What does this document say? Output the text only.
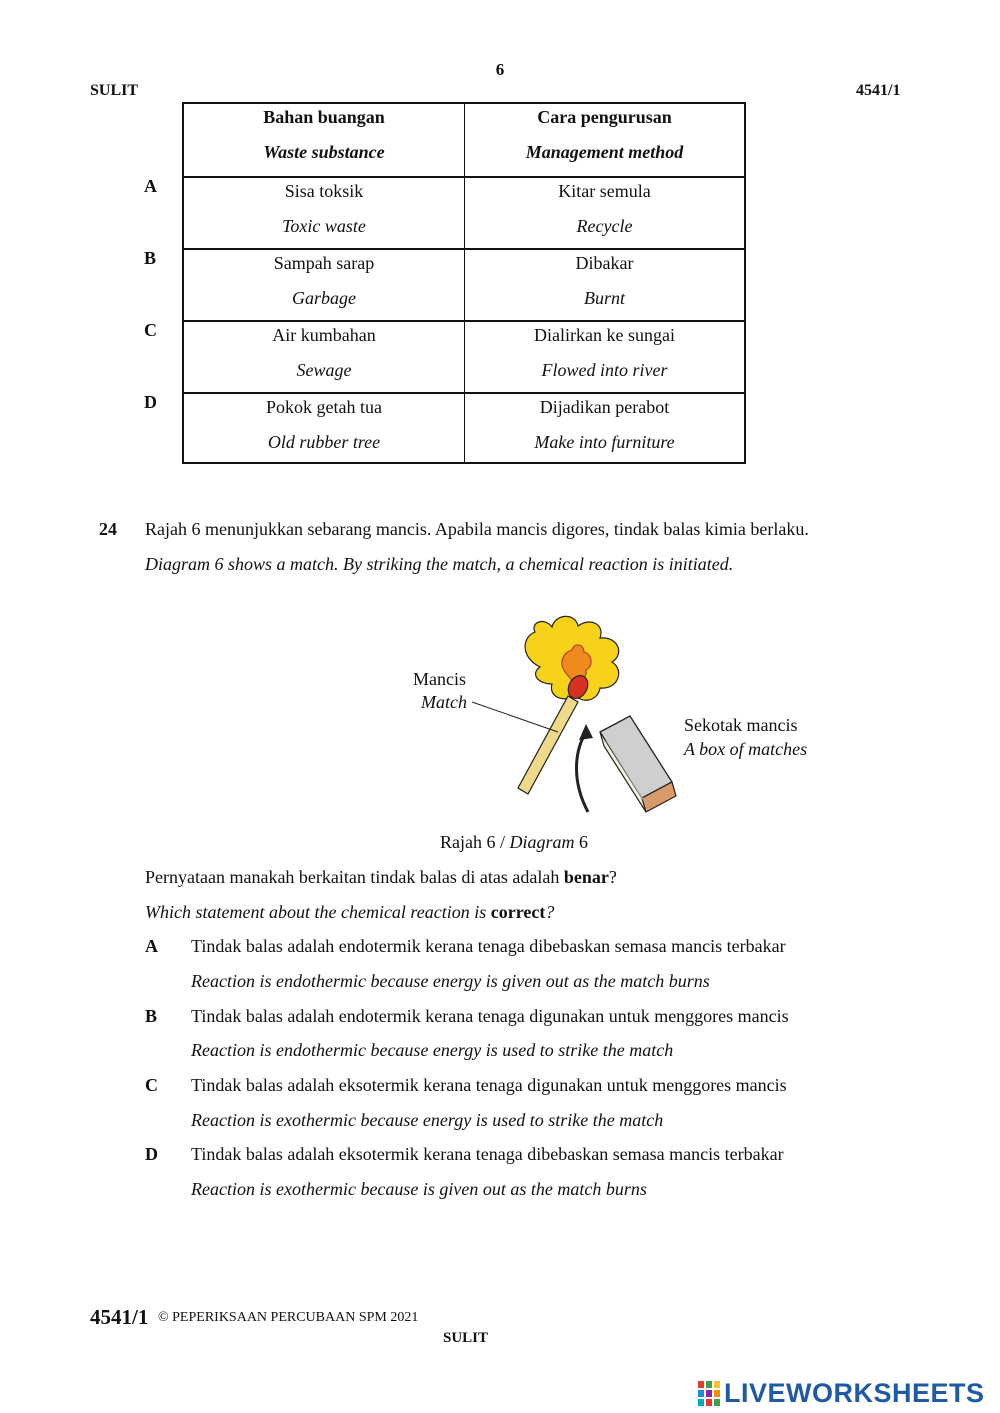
6
SULIT	4541/1
A
B
C
D
Bahan buangan
Waste substance
Cara pengurusan
Management method
Sisa toksik
Toxic waste
Kitar semula
Recycle
Sampah sarap
Garbage
Dibakar
Burnt
Air kumbahan
Sewage
Dialirkan ke sungai
Flowed into river
Pokok getah tua
Old rubber tree
Dijadikan perabot
Make into furniture
24 Rajah 6 menunjukkan sebarang mancis. Apabila mancis digores, tindak balas kimia berlaku.
Diagram 6 shows a match. By striking the match, a chemical reaction is initiated.
Mancis
Match
Sekotak mancis
A box of matches
Rajah 6 / Diagram 6
Pernyataan manakah berkaitan tindak balas di atas adalah benar?
Which statement about the chemical reaction is correct?
A Tindak balas adalah endotermik kerana tenaga dibebaskan semasa mancis terbakar
Reaction is endothermic because energy is given out as the match burns
B Tindak balas adalah endotermik kerana tenaga digunakan untuk menggores mancis
Reaction is endothermic because energy is used to strike the match
C Tindak balas adalah eksotermik kerana tenaga digunakan untuk menggores mancis
Reaction is exothermic because energy is used to strike the match
D Tindak balas adalah eksotermik kerana tenaga dibebaskan semasa mancis terbakar
Reaction is exothermic because is given out as the match burns
4541/1 © PEPERIKSAAN PERCUBAAN SPM 2021
SULIT
LIVEWORKSHEETS
